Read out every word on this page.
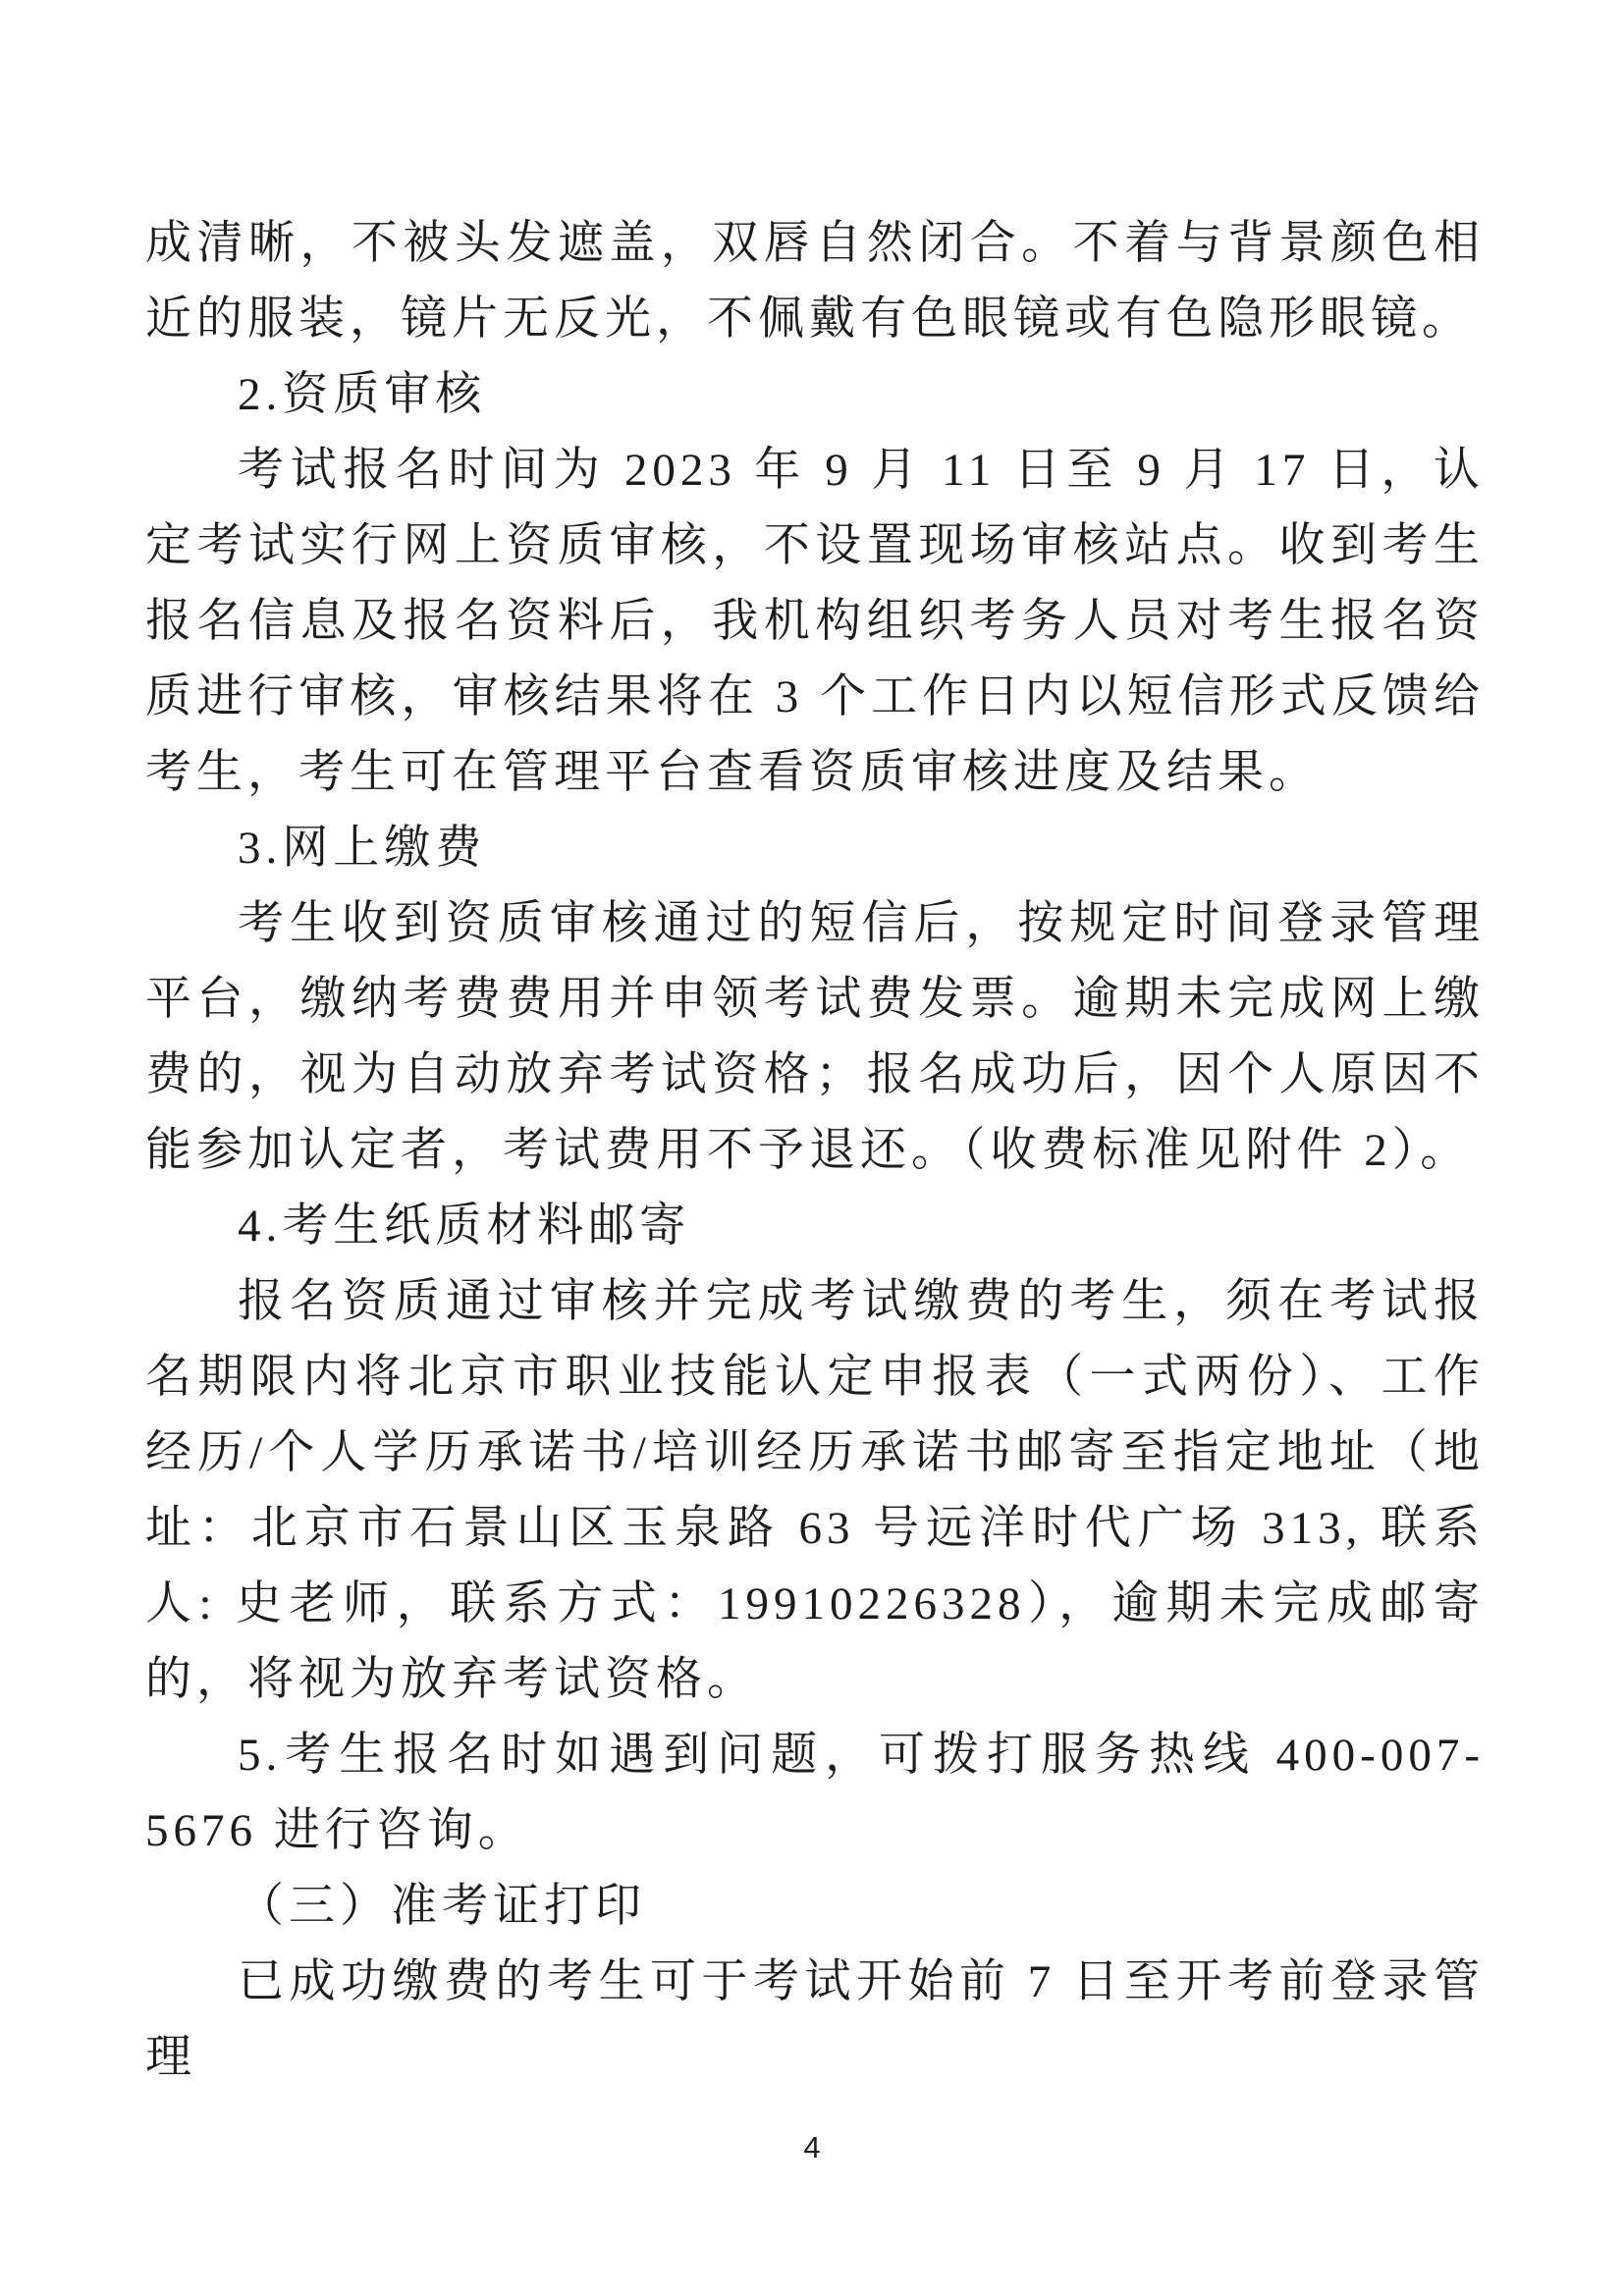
成清晰，不被头发遮盖，双唇自然闭合。不着与背景颜色相近的服装，镜片无反光，不佩戴有色眼镜或有色隐形眼镜。

2.资质审核

考试报名时间为 2023 年 9 月 11 日至 9 月 17 日，认定考试实行网上资质审核，不设置现场审核站点。收到考生报名信息及报名资料后，我机构组织考务人员对考生报名资质进行审核，审核结果将在 3 个工作日内以短信形式反馈给考生，考生可在管理平台查看资质审核进度及结果。

3.网上缴费

考生收到资质审核通过的短信后，按规定时间登录管理平台，缴纳考费费用并申领考试费发票。逾期未完成网上缴费的，视为自动放弃考试资格；报名成功后，因个人原因不能参加认定者，考试费用不予退还。（收费标准见附件 2）。

4.考生纸质材料邮寄

报名资质通过审核并完成考试缴费的考生，须在考试报名期限内将北京市职业技能认定申报表（一式两份）、工作经历/个人学历承诺书/培训经历承诺书邮寄至指定地址（地址：北京市石景山区玉泉路 63 号远洋时代广场 313, 联系人: 史老师，联系方式：19910226328），逾期未完成邮寄的，将视为放弃考试资格。

5.考生报名时如遇到问题，可拨打服务热线 400-007-5676 进行咨询。

（三）准考证打印

已成功缴费的考生可于考试开始前 7 日至开考前登录管理

4
